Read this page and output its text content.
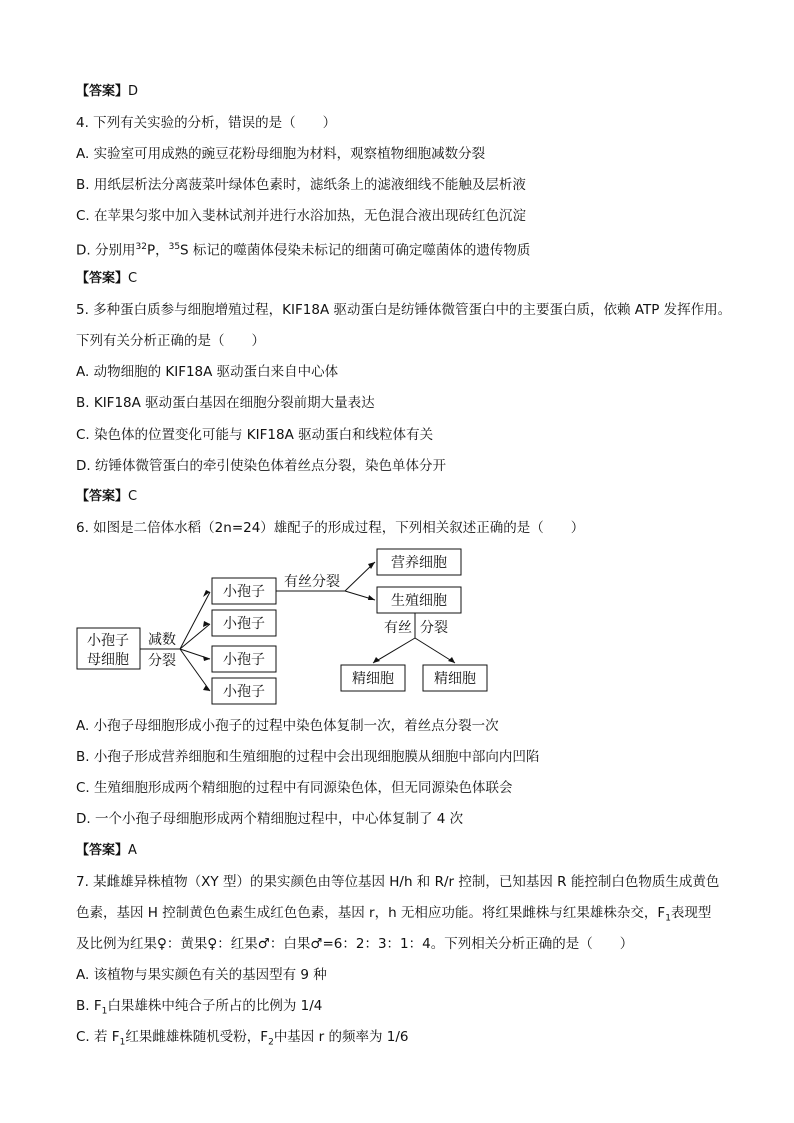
【答案】D
4. 下列有关实验的分析，错误的是（　　）
A. 实验室可用成熟的豌豆花粉母细胞为材料，观察植物细胞减数分裂
B. 用纸层析法分离菠菜叶绿体色素时，滤纸条上的滤液细线不能触及层析液
C. 在苹果匀浆中加入斐林试剂并进行水浴加热，无色混合液出现砖红色沉淀
D. 分别用$^{32}$P，$^{35}$S 标记的噬菌体侵染未标记的细菌可确定噬菌体的遗传物质
【答案】C
5. 多种蛋白质参与细胞增殖过程，KIF18A 驱动蛋白是纺锤体微管蛋白中的主要蛋白质，依赖 ATP 发挥作用。
下列有关分析正确的是（　　）
A. 动物细胞的 KIF18A 驱动蛋白来自中心体
B. KIF18A 驱动蛋白基因在细胞分裂前期大量表达
C. 染色体的位置变化可能与 KIF18A 驱动蛋白和线粒体有关
D. 纺锤体微管蛋白的牵引使染色体着丝点分裂，染色单体分开
【答案】C
6. 如图是二倍体水稻（2n=24）雄配子的形成过程，下列相关叙述正确的是（　　）
小孢子
母细胞
减数
分裂
小孢子
小孢子
小孢子
小孢子
有丝分裂
营养细胞
生殖细胞
有丝 分裂
精细胞	精细胞
A. 小孢子母细胞形成小孢子的过程中染色体复制一次，着丝点分裂一次
B. 小孢子形成营养细胞和生殖细胞的过程中会出现细胞膜从细胞中部向内凹陷
C. 生殖细胞形成两个精细胞的过程中有同源染色体，但无同源染色体联会
D. 一个小孢子母细胞形成两个精细胞过程中，中心体复制了 4 次
【答案】A
7. 某雌雄异株植物（XY 型）的果实颜色由等位基因 H/h 和 R/r 控制，已知基因 R 能控制白色物质生成黄色
色素，基因 H 控制黄色色素生成红色色素，基因 r，h 无相应功能。将红果雌株与红果雄株杂交，$F_1$表现型
及比例为红果♀：黄果♀：红果♂：白果♂=6：2：3：1：4。下列相关分析正确的是（　　）
A. 该植物与果实颜色有关的基因型有 9 种
B. $F_1$白果雄株中纯合子所占的比例为 1/4
C. 若 $F_1$红果雌雄株随机受粉，$F_2$中基因 r 的频率为 1/6
